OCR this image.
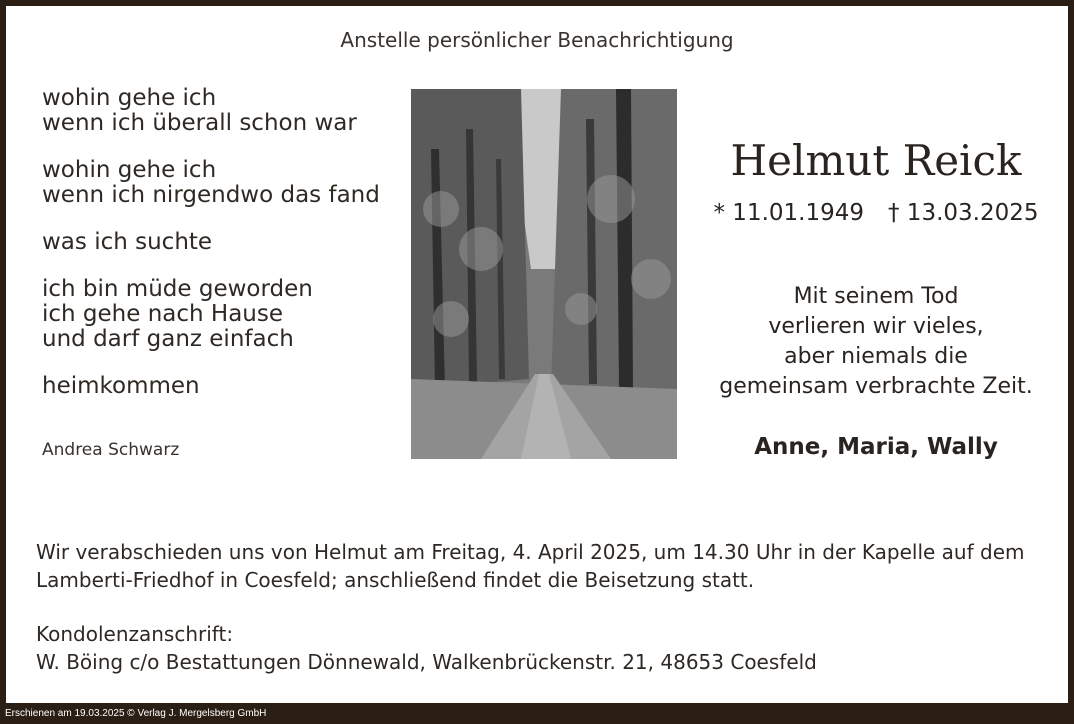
Anstelle persönlicher Benachrichtigung
wohin gehe ich
wenn ich überall schon war
wohin gehe ich
wenn ich nirgendwo das fand
was ich suchte
ich bin müde geworden
ich gehe nach Hause
und darf ganz einfach
heimkommen
Andrea Schwarz
Helmut Reick
* 11.01.1949 † 13.03.2025
Mit seinem Tod
verlieren wir vieles,
aber niemals die
gemeinsam verbrachte Zeit.
Anne, Maria, Wally
Wir verabschieden uns von Helmut am Freitag, 4. April 2025, um 14.30 Uhr in der Kapelle auf dem
Lamberti-Friedhof in Coesfeld; anschließend findet die Beisetzung statt.
Kondolenzanschrift:
W. Böing c/o Bestattungen Dönnewald, Walkenbrückenstr. 21, 48653 Coesfeld
Erschienen am 19.03.2025 © Verlag J. Mergelsberg GmbH
